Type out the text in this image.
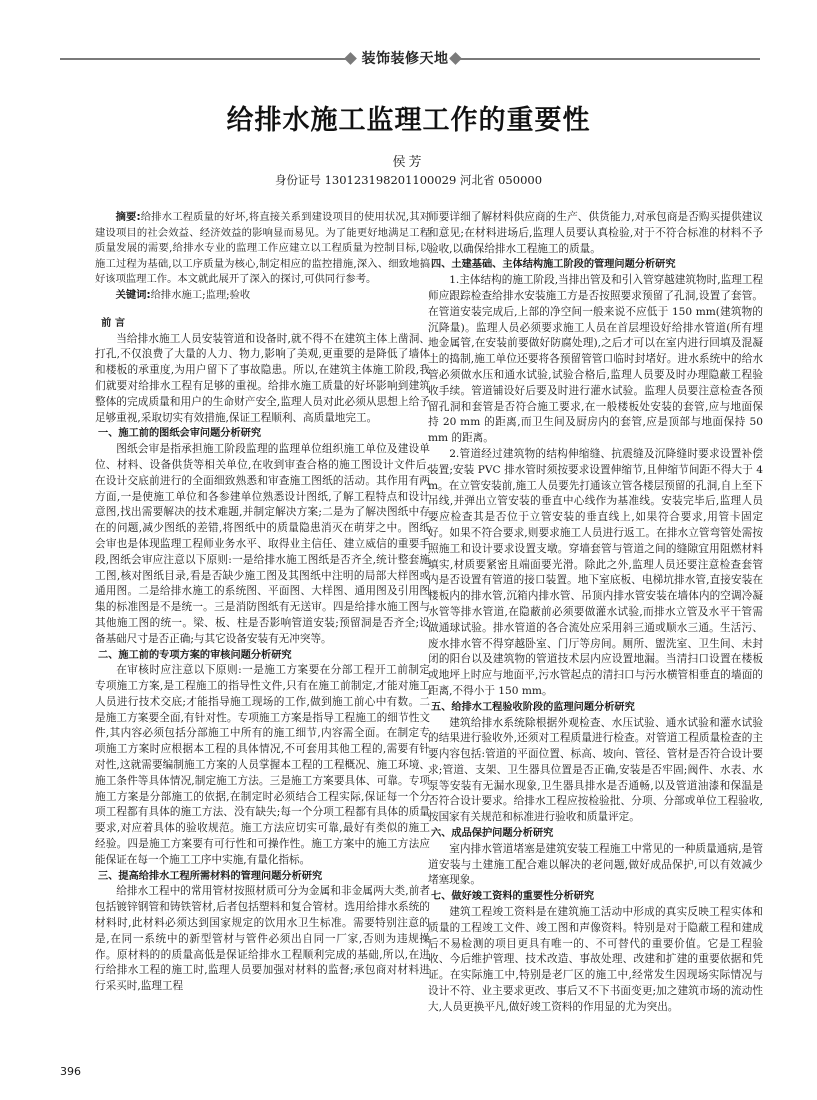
装饰装修天地
给排水施工监理工作的重要性
侯芳
身份证号 130123198201100029 河北省 050000

摘要:给排水工程质量的好坏,将直接关系到建设项目的使用状况,其对建设项目的社会效益、经济效益的影响显而易见。为了能更好地满足工程质量发展的需要,给排水专业的监理工作应建立以工程质量为控制目标,以施工过程为基础,以工序质量为核心,制定相应的监控措施,深入、细致地搞好该项监理工作。本文就此展开了深入的探讨,可供同行参考。

关键词:给排水施工;监理;验收

前 言

当给排水施工人员安装管道和设备时,就不得不在建筑主体上凿洞、打孔,不仅浪费了大量的人力、物力,影响了美观,更重要的是降低了墙体和楼板的承重度,为用户留下了事故隐患。所以,在建筑主体施工阶段,我们就要对给排水工程有足够的重视。给排水施工质量的好坏影响到建筑整体的完成质量和用户的生命财产安全,监理人员对此必须从思想上给予足够重视,采取切实有效措施,保证工程顺利、高质量地完工。

一、施工前的图纸会审问题分析研究

图纸会审是指承担施工阶段监理的监理单位组织施工单位及建设单位、材料、设备供货等相关单位,在收到审查合格的施工图设计文件后,在设计交底前进行的全面细致熟悉和审查施工图纸的活动。其作用有两方面,一是使施工单位和各参建单位熟悉设计图纸,了解工程特点和设计意图,找出需要解决的技术难题,并制定解决方案;二是为了解决图纸中存在的问题,减少图纸的差错,将图纸中的质量隐患消灭在萌芽之中。图纸会审也是体现监理工程师业务水平、取得业主信任、建立威信的重要手段,图纸会审应注意以下原则:一是给排水施工图纸是否齐全,统计整套施工图,核对图纸目录,看是否缺少施工图及其图纸中注明的局部大样图或通用图。二是给排水施工的系统图、平面图、大样图、通用图及引用图集的标准图是不是统一。三是消防图纸有无送审。四是给排水施工图与其他施工图的统一。梁、板、柱是否影响管道安装;预留洞是否齐全;设备基础尺寸是否正确;与其它设备安装有无冲突等。

二、施工前的专项方案的审核问题分析研究

在审核时应注意以下原则:一是施工方案要在分部工程开工前制定 专项施工方案,是工程施工的指导性文件,只有在施工前制定,才能对施工人员进行技术交底;才能指导施工现场的工作,做到施工前心中有数。二是施工方案要全面,有针对性。专项施工方案是指导工程施工的细节性文件,其内容必须包括分部施工中所有的施工细节,内容需全面。在制定专项施工方案时应根据本工程的具体情况,不可套用其他工程的,需要有针对性,这就需要编制施工方案的人员掌握本工程的工程概况、施工环境、施工条件等具体情况,制定施工方法。三是施工方案要具体、可靠。专项施工方案是分部施工的依据,在制定时必须结合工程实际,保证每一个分项工程都有具体的施工方法、没有缺失;每一个分项工程都有具体的质量要求,对应着具体的验收规范。施工方法应切实可靠,最好有类似的施工经验。四是施工方案要有可行性和可操作性。施工方案中的施工方法应能保证在每一个施工工序中实施,有量化指标。

三、提高给排水工程所需材料的管理问题分析研究

给排水工程中的常用管材按照材质可分为金属和非金属两大类,前者包括镀锌钢管和铸铁管材,后者包括塑料和复合管材。选用给排水系统的材料时,此材料必须达到国家规定的饮用水卫生标准。需要特别注意的是,在同一系统中的新型管材与管件必须出自同一厂家,否则为违规操作。原材料的的质量高低是保证给排水工程顺利完成的基础,所以,在进行给排水工程的施工时,监理人员要加强对材料的监督;承包商对材料进行采买时,监理工程

师要详细了解材料供应商的生产、供货能力,对承包商是否购买提供建议和意见;在材料进场后,监理人员要认真检验,对于不符合标准的材料不予验收,以确保给排水工程施工的质量。

四、土建基础、主体结构施工阶段的管理问题分析研究

1.主体结构的施工阶段,当排出管及和引入管穿越建筑物时,监理工程师应跟踪检查给排水安装施工方是否按照要求预留了孔洞,设置了套管。在管道安装完成后,上部的净空间一般来说不应低于 150 mm(建筑物的沉降量)。监理人员必须要求施工人员在首层埋设好给排水管道(所有埋地金属管,在安装前要做好防腐处理),之后才可以在室内进行回填及混凝土的捣制,施工单位还要将各预留管管口临时封堵好。进水系统中的给水管必须做水压和通水试验,试验合格后,监理人员要及时办理隐蔽工程验收手续。管道铺设好后要及时进行灌水试验。监理人员要注意检查各预留孔洞和套管是否符合施工要求,在一般楼板处安装的套管,应与地面保持 20 mm 的距离,而卫生间及厨房内的套管,应是顶部与地面保持 50 mm 的距离。

2.管道经过建筑物的结构伸缩缝、抗震缝及沉降缝时要求设置补偿装置;安装 PVC 排水管时须按要求设置伸缩节,且伸缩节间距不得大于 4 m。在立管安装前,施工人员要先打通该立管各楼层预留的孔洞,自上至下吊线,并弹出立管安装的垂直中心线作为基准线。安装完毕后,监理人员要应检查其是否位于立管安装的垂直线上,如果符合要求,用管卡固定好。如果不符合要求,则要求施工人员进行返工。在排水立管弯管处需按照施工和设计要求设置支墩。穿墙套管与管道之间的缝隙宜用阻燃材料填实,材质要紧密且端面要光滑。除此之外,监理人员还要注意检查套管内是否设置有管道的接口装置。地下室底板、电梯坑排水管,直接安装在楼板内的排水管,沉箱内排水管、吊顶内排水管安装在墙体内的空调冷凝水管等排水管道,在隐蔽前必须要做灌水试验,而排水立管及水平干管需做通球试验。排水管道的各合流处应采用斜三通或顺水三通。生活污、废水排水管不得穿越卧室、门厅等房间。厕所、盥洗室、卫生间、未封闭的阳台以及建筑物的管道技术层内应设置地漏。当清扫口设置在楼板或地坪上时应与地面平,污水管起点的清扫口与污水横管相垂直的墙面的距离,不得小于 150 mm。

五、给排水工程验收阶段的监理问题分析研究

建筑给排水系统除根据外观检查、水压试验、通水试验和灌水试验的结果进行验收外,还须对工程质量进行检查。对管道工程质量检查的主要内容包括:管道的平面位置、标高、坡向、管径、管材是否符合设计要求;管道、支架、卫生器具位置是否正确,安装是否牢固;阀件、水表、水泵等安装有无漏水现象,卫生器具排水是否通畅,以及管道油漆和保温是否符合设计要求。给排水工程应按检验批、分项、分部或单位工程验收,按国家有关规范和标准进行验收和质量评定。

六、成品保护问题分析研究

室内排水管道堵塞是建筑安装工程施工中常见的一种质量通病,是管道安装与土建施工配合难以解决的老问题,做好成品保护,可以有效减少堵塞现象。

七、做好竣工资料的重要性分析研究

建筑工程竣工资料是在建筑施工活动中形成的真实反映工程实体和质量的工程竣工文件、竣工图和声像资料。特别是对于隐蔽工程和建成后不易检测的项目更具有唯一的、不可替代的重要价值。它是工程验收、今后维护管理、技术改造、事故处理、改建和扩建的重要依据和凭证。在实际施工中,特别是老厂区的施工中,经常发生因现场实际情况与设计不符、业主要求更改、事后又不下书面变更;加之建筑市场的流动性大,人员更换平凡,做好竣工资料的作用显的尤为突出。

396
